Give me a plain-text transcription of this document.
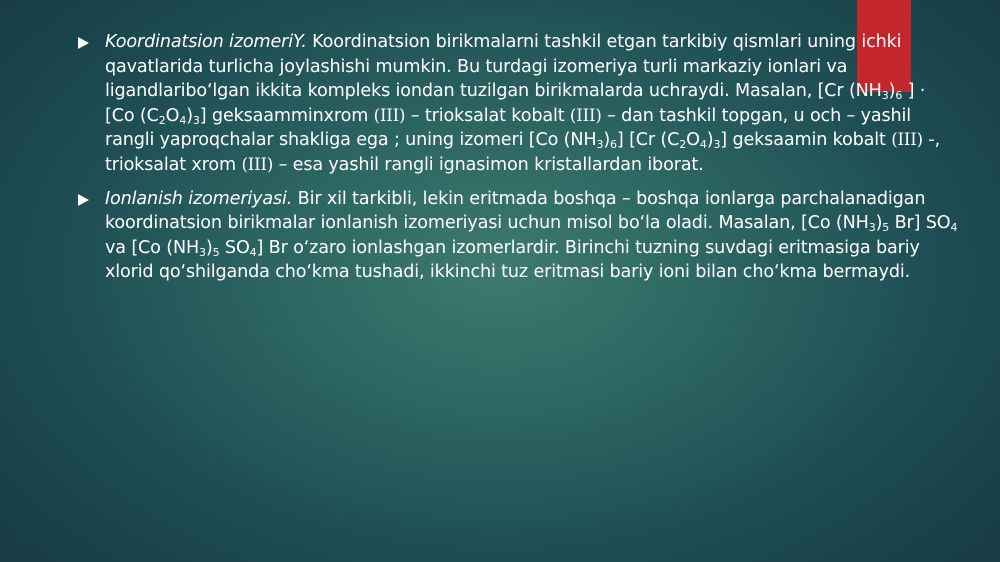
Koordinatsion izomeriY. Koordinatsion birikmalarni tashkil etgan tarkibiy qismlari uning ichki qavatlarida turlicha joylashishi mumkin. Bu turdagi izomeriya turli markaziy ionlari va ligandlaribo‘lgan ikkita kompleks iondan tuzilgan birikmalarda uchraydi. Masalan, [Cr $(NH_3)_6$ ] · [Co $(C_2O_4)_3$] geksaamminxrom (III) – trioksalat kobalt (III) – dan tashkil topgan, u och – yashil rangli yaproqchalar shakliga ega ; uning izomeri [Co $(NH_3)_6$] [Cr $(C_2O_4)_3$] geksaamin kobalt (III) -, trioksalat xrom (III) – esa yashil rangli ignasimon kristallardan iborat.
Ionlanish izomeriyasi. Bir xil tarkibli, lekin eritmada boshqa – boshqa ionlarga parchalanadigan koordinatsion birikmalar ionlanish izomeriyasi uchun misol bo‘la oladi. Masalan, [Co $(NH_3)_5$ Br] $SO_4$ va [Co $(NH_3)_5$ $SO_4$] Br o‘zaro ionlashgan izomerlardir. Birinchi tuzning suvdagi eritmasiga bariy xlorid qo‘shilganda cho‘kma tushadi, ikkinchi tuz eritmasi bariy ioni bilan cho‘kma bermaydi.
